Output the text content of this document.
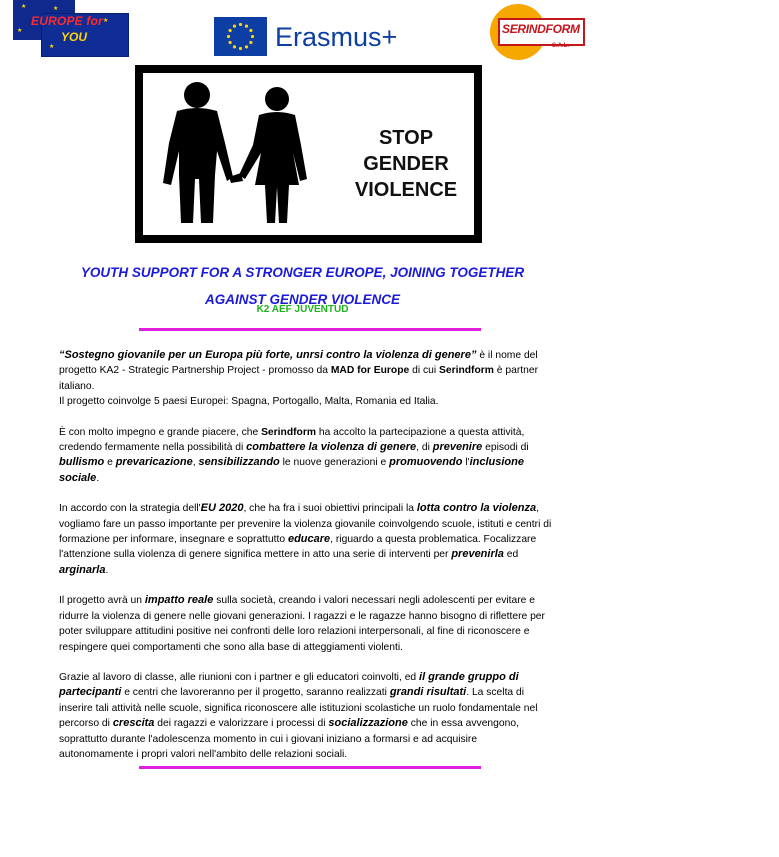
★	★
★
★
★
EUROPE for
YOU	Erasmus+	SERINDFORM
S.A.L.
STOP
GENDER
VIOLENCE
YOUTH SUPPORT FOR A STRONGER EUROPE, JOINING TOGETHER
AGAINST GENDER VIOLENCE
K2 AEF JUVENTUD

“Sostegno giovanile per un Europa più forte, unrsi contro la violenza di genere” è il nome del progetto KA2 - Strategic Partnership Project - promosso da MAD for Europe di cui Serindform è partner italiano.
Il progetto coinvolge 5 paesi Europei: Spagna, Portogallo, Malta, Romania ed Italia.

È con molto impegno e grande piacere, che Serindform ha accolto la partecipazione a questa attività, credendo fermamente nella possibilità di combattere la violenza di genere, di prevenire episodi di bullismo e prevaricazione, sensibilizzando le nuove generazioni e promuovendo l'inclusione sociale.

In accordo con la strategia dell'EU 2020, che ha fra i suoi obiettivi principali la lotta contro la violenza, vogliamo fare un passo importante per prevenire la violenza giovanile coinvolgendo scuole, istituti e centri di formazione per informare, insegnare e soprattutto educare, riguardo a questa problematica. Focalizzare l'attenzione sulla violenza di genere significa mettere in atto una serie di interventi per prevenirla ed arginarla.

Il progetto avrà un impatto reale sulla società, creando i valori necessari negli adolescenti per evitare e ridurre la violenza di genere nelle giovani generazioni. I ragazzi e le ragazze hanno bisogno di riflettere per poter sviluppare attitudini positive nei confronti delle loro relazioni interpersonali, al fine di riconoscere e respingere quei comportamenti che sono alla base di atteggiamenti violenti.

Grazie al lavoro di classe, alle riunioni con i partner e gli educatori coinvolti, ed il grande gruppo di partecipanti e centri che lavoreranno per il progetto, saranno realizzati grandi risultati. La scelta di inserire tali attività nelle scuole, significa riconoscere alle istituzioni scolastiche un ruolo fondamentale nel percorso di crescita dei ragazzi e valorizzare i processi di socializzazione che in essa avvengono, soprattutto durante l'adolescenza momento in cui i giovani iniziano a formarsi e ad acquisire autonomamente i propri valori nell'ambito delle relazioni sociali.
